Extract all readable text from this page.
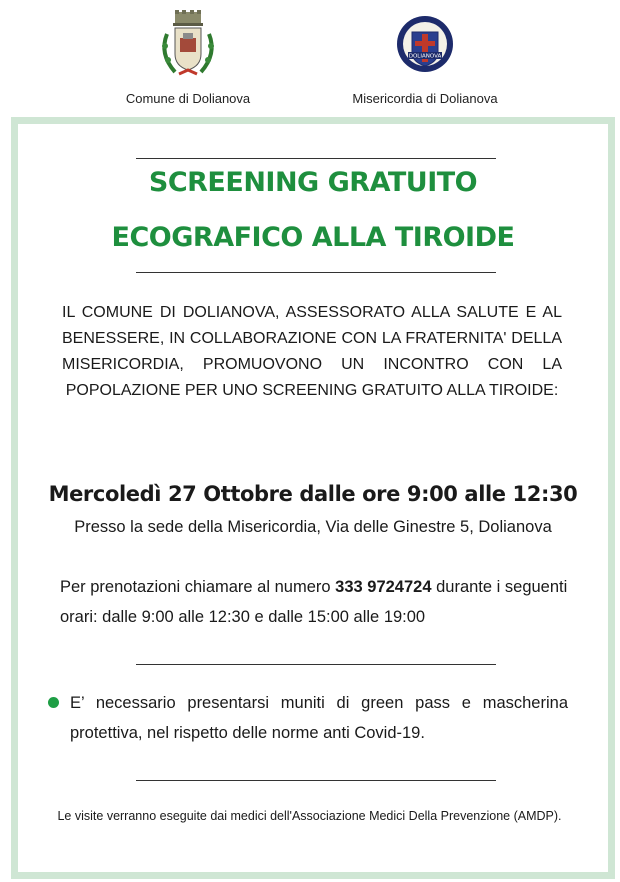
Comune di Dolianova
DOLIANOVA
Misericordia di Dolianova
SCREENING GRATUITO
ECOGRAFICO ALLA TIROIDE
IL COMUNE DI DOLIANOVA, ASSESSORATO ALLA SALUTE E AL BENESSERE, IN COLLABORAZIONE CON LA FRATERNITA' DELLA MISERICORDIA, PROMUOVONO UN INCONTRO CON LA POPOLAZIONE PER UNO SCREENING GRATUITO ALLA TIROIDE:
Mercoledì 27 Ottobre dalle ore 9:00 alle 12:30
Presso la sede della Misericordia, Via delle Ginestre 5, Dolianova
Per prenotazioni chiamare al numero 333 9724724 durante i seguenti orari: dalle 9:00 alle 12:30 e dalle 15:00 alle 19:00
E’ necessario presentarsi muniti di green pass e mascherina protettiva, nel rispetto delle norme anti Covid-19.
Le visite verranno eseguite dai medici dell'Associazione Medici Della Prevenzione (AMDP).
